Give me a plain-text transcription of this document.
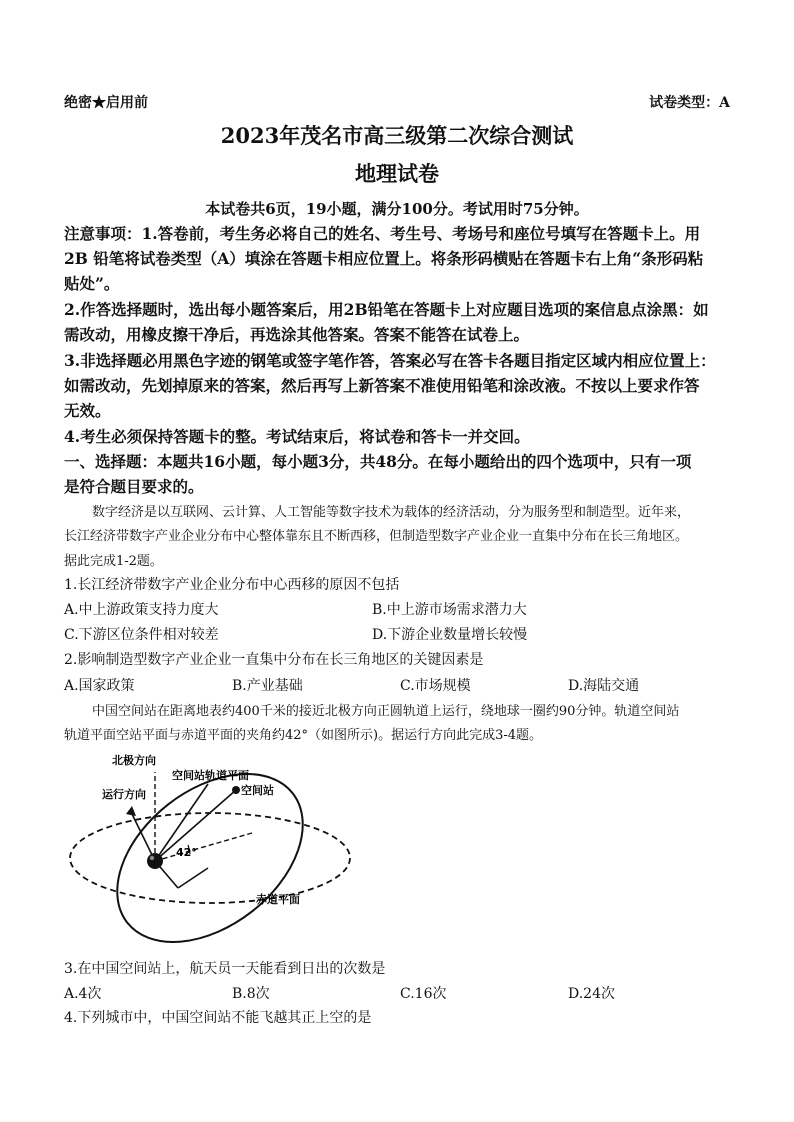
绝密★启用前	试卷类型：A
2023年茂名市高三级第二次综合测试
地理试卷
本试卷共6页，19小题，满分100分。考试用时75分钟。
注意事项：1.答卷前，考生务必将自己的姓名、考生号、考场号和座位号填写在答题卡上。用
2B 铅笔将试卷类型（A）填涂在答题卡相应位置上。将条形码横贴在答题卡右上角“条形码粘
贴处”。
2.作答选择题时，选出每小题答案后，用2B铅笔在答题卡上对应题目选项的案信息点涂黑：如
需改动，用橡皮擦干净后，再选涂其他答案。答案不能答在试卷上。
3.非选择题必用黑色字迹的钢笔或签字笔作答，答案必写在答卡各题目指定区域内相应位置上：
如需改动，先划掉原来的答案，然后再写上新答案不准使用铅笔和涂改液。不按以上要求作答
无效。
4.考生必须保持答题卡的整。考试结束后，将试卷和答卡一并交回。
一、选择题：本题共16小题，每小题3分，共48分。在每小题给出的四个选项中，只有一项
是符合题目要求的。
数字经济是以互联网、云计算、人工智能等数字技术为载体的经济活动，分为服务型和制造型。近年来，
长江经济带数字产业企业分布中心整体靠东且不断西移，但制造型数字产业企业一直集中分布在长三角地区。
据此完成1-2题。
1.长江经济带数字产业企业分布中心西移的原因不包括
A.中上游政策支持力度大	B.中上游市场需求潜力大
C.下游区位条件相对较差	D.下游企业数量增长较慢
2.影响制造型数字产业企业一直集中分布在长三角地区的关键因素是
A.国家政策	B.产业基础	C.市场规模	D.海陆交通
中国空间站在距离地表约400千米的接近北极方向正圆轨道上运行，绕地球一圈约90分钟。轨道空间站
轨道平面空站平面与赤道平面的夹角约42°（如图所示)。据运行方向此完成3-4题。
北极方向
空间站轨道平面
运行方向	空间站
42°
赤道平面
3.在中国空间站上，航天员一天能看到日出的次数是
A.4次	B.8次	C.16次	D.24次
4.下列城市中，中国空间站不能飞越其正上空的是
